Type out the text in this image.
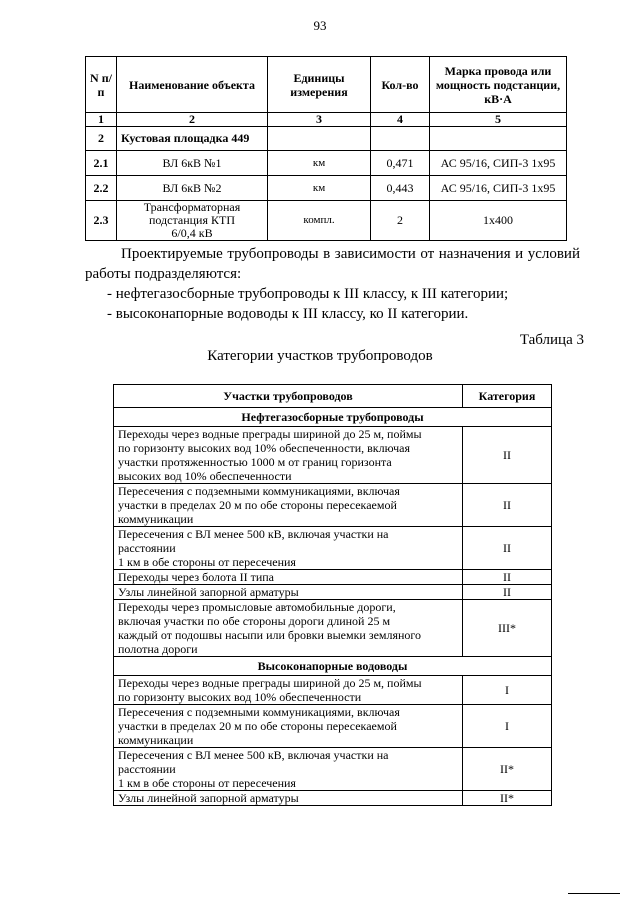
93
N п/п	Наименование объекта	Единицы измерения	Кол-во	Марка провода или мощность подстанции, кВ·А
1	2	3	4	5
2	Кустовая площадка 449			
2.1	ВЛ 6кВ №1	км	0,471	АС 95/16, СИП-3 1х95
2.2	ВЛ 6кВ №2	км	0,443	АС 95/16, СИП-3 1х95
2.3	Трансформаторная подстанция КТП 6/0,4 кВ	компл.	2	1х400

Проектируемые трубопроводы в зависимости от назначения и условий работы подразделяются:

- нефтегазосборные трубопроводы к III классу, к III категории;

- высоконапорные водоводы к III классу, ко II категории.

Таблица 3
Категории участков трубопроводов
Участки трубопроводов	Категория
Нефтегазосборные трубопроводы	

Переходы через водные преграды шириной до 25 м, поймы
по горизонту высоких вод 10% обеспеченности, включая
участки протяженностью 1000 м от границ горизонта
высоких вод 10% обеспеченности	II

Пересечения с подземными коммуникациями, включая
участки в пределах 20 м по обе стороны пересекаемой
коммуникации	II

Пересечения с ВЛ менее 500 кВ, включая участки на
расстоянии
1 км в обе стороны от пересечения	II

Переходы через болота II типа	II

Узлы линейной запорной арматуры	II

Переходы через промысловые автомобильные дороги,
включая участки по обе стороны дороги длиной 25 м
каждый от подошвы насыпи или бровки выемки земляного
полотна дороги	III*
Высоконапорные водоводы	

Переходы через водные преграды шириной до 25 м, поймы
по горизонту высоких вод 10% обеспеченности	I

Пересечения с подземными коммуникациями, включая
участки в пределах 20 м по обе стороны пересекаемой
коммуникации	I

Пересечения с ВЛ менее 500 кВ, включая участки на
расстоянии
1 км в обе стороны от пересечения	II*

Узлы линейной запорной арматуры	II*
